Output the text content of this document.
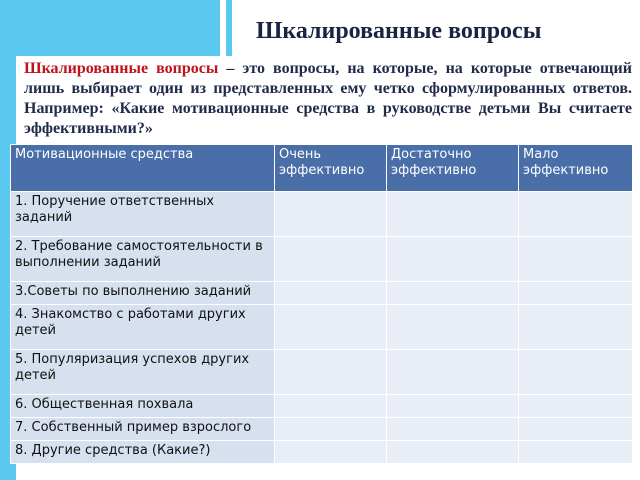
Шкалированные вопросы
Шкалированные вопросы – это вопросы, на которые, на которые отвечающий лишь выбирает один из представленных ему четко сформулированных ответов. Например: «Какие мотивационные средства в руководстве детьми Вы считаете эффективными?»
Мотивационные средства	Очень эффективно	Достаточно эффективно	Мало эффективно
1. Поручение ответственных заданий			
2. Требование самостоятельности в выполнении заданий			
3.Советы по выполнению заданий			
4. Знакомство с работами других детей			
5. Популяризация успехов других детей			
6. Общественная похвала			
7. Собственный пример взрослого			
8. Другие средства (Какие?)			
